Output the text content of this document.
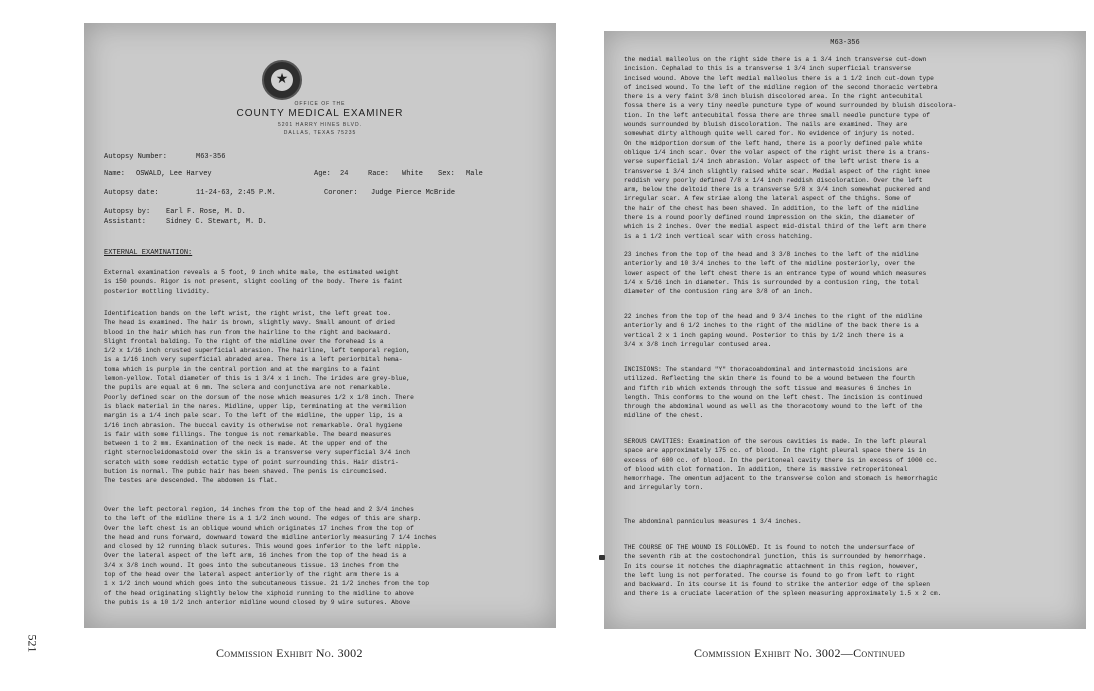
★
OFFICE OF THE
COUNTY MEDICAL EXAMINER
5201 HARRY HINES BLVD.
DALLAS, TEXAS 75235
Autopsy Number:	M63-356
Name: OSWALD, Lee Harvey	Age: 24	Race: White Sex: Male
Autopsy date:	11-24-63, 2:45 P.M.	Coroner: Judge Pierce McBride
Autopsy by: Earl F. Rose, M. D.
Assistant:	Sidney C. Stewart, M. D.
EXTERNAL EXAMINATION:
External examination reveals a 5 foot, 9 inch white male, the estimated weight
is 150 pounds. Rigor is not present, slight cooling of the body. There is faint
posterior mottling lividity.
Identification bands on the left wrist, the right wrist, the left great toe.
The head is examined. The hair is brown, slightly wavy. Small amount of dried
blood in the hair which has run from the hairline to the right and backward.
Slight frontal balding. To the right of the midline over the forehead is a
1/2 x 1/16 inch crusted superficial abrasion. The hairline, left temporal region,
is a 1/16 inch very superficial abraded area. There is a left periorbital hema-
toma which is purple in the central portion and at the margins to a faint
lemon-yellow. Total diameter of this is 1 3/4 x 1 inch. The irides are grey-blue,
the pupils are equal at 6 mm. The sclera and conjunctiva are not remarkable.
Poorly defined scar on the dorsum of the nose which measures 1/2 x 1/8 inch. There
is black material in the nares. Midline, upper lip, terminating at the vermilion
margin is a 1/4 inch pale scar. To the left of the midline, the upper lip, is a
1/16 inch abrasion. The buccal cavity is otherwise not remarkable. Oral hygiene
is fair with some fillings. The tongue is not remarkable. The beard measures
between 1 to 2 mm. Examination of the neck is made. At the upper end of the
right sternocleidomastoid over the skin is a transverse very superficial 3/4 inch
scratch with some reddish ectatic type of point surrounding this. Hair distri-
bution is normal. The pubic hair has been shaved. The penis is circumcised.
The testes are descended. The abdomen is flat.
Over the left pectoral region, 14 inches from the top of the head and 2 3/4 inches
to the left of the midline there is a 1 1/2 inch wound. The edges of this are sharp.
Over the left chest is an oblique wound which originates 17 inches from the top of
the head and runs forward, downward toward the midline anteriorly measuring 7 1/4 inches
and closed by 12 running black sutures. This wound goes inferior to the left nipple.
Over the lateral aspect of the left arm, 16 inches from the top of the head is a
3/4 x 3/8 inch wound. It goes into the subcutaneous tissue. 13 inches from the
top of the head over the lateral aspect anteriorly of the right arm there is a
1 x 1/2 inch wound which goes into the subcutaneous tissue. 21 1/2 inches from the top
of the head originating slightly below the xiphoid running to the midline to above
the pubis is a 10 1/2 inch anterior midline wound closed by 9 wire sutures. Above
M63-356
the medial malleolus on the right side there is a 1 3/4 inch transverse cut-down
incision. Cephalad to this is a transverse 1 3/4 inch superficial transverse
incised wound. Above the left medial malleolus there is a 1 1/2 inch cut-down type
of incised wound. To the left of the midline region of the second thoracic vertebra
there is a very faint 3/8 inch bluish discolored area. In the right antecubital
fossa there is a very tiny needle puncture type of wound surrounded by bluish discolora-
tion. In the left antecubital fossa there are three small needle puncture type of
wounds surrounded by bluish discoloration. The nails are examined. They are
somewhat dirty although quite well cared for. No evidence of injury is noted.
On the midportion dorsum of the left hand, there is a poorly defined pale white
oblique 1/4 inch scar. Over the volar aspect of the right wrist there is a trans-
verse superficial 1/4 inch abrasion. Volar aspect of the left wrist there is a
transverse 1 3/4 inch slightly raised white scar. Medial aspect of the right knee
reddish very poorly defined 7/8 x 1/4 inch reddish discoloration. Over the left
arm, below the deltoid there is a transverse 5/8 x 3/4 inch somewhat puckered and
irregular scar. A few striae along the lateral aspect of the thighs. Some of
the hair of the chest has been shaved. In addition, to the left of the midline
there is a round poorly defined round impression on the skin, the diameter of
which is 2 inches. Over the medial aspect mid-distal third of the left arm there
is a 1 1/2 inch vertical scar with cross hatching.
23 inches from the top of the head and 3 3/8 inches to the left of the midline
anteriorly and 10 3/4 inches to the left of the midline posteriorly, over the
lower aspect of the left chest there is an entrance type of wound which measures
1/4 x 5/16 inch in diameter. This is surrounded by a contusion ring, the total
diameter of the contusion ring are 3/8 of an inch.
22 inches from the top of the head and 9 3/4 inches to the right of the midline
anteriorly and 6 1/2 inches to the right of the midline of the back there is a
vertical 2 x 1 inch gaping wound. Posterior to this by 1/2 inch there is a
3/4 x 3/8 inch irregular contused area.
INCISIONS: The standard "Y" thoracoabdominal and intermastoid incisions are
utilized. Reflecting the skin there is found to be a wound between the fourth
and fifth rib which extends through the soft tissue and measures 6 inches in
length. This conforms to the wound on the left chest. The incision is continued
through the abdominal wound as well as the thoracotomy wound to the left of the
midline of the chest.
SEROUS CAVITIES: Examination of the serous cavities is made. In the left pleural
space are approximately 175 cc. of blood. In the right pleural space there is in
excess of 600 cc. of blood. In the peritoneal cavity there is in excess of 1000 cc.
of blood with clot formation. In addition, there is massive retroperitoneal
hemorrhage. The omentum adjacent to the transverse colon and stomach is hemorrhagic
and irregularly torn.
The abdominal panniculus measures 1 3/4 inches.
THE COURSE OF THE WOUND IS FOLLOWED. It is found to notch the undersurface of
the seventh rib at the costochondral junction, this is surrounded by hemorrhage.
In its course it notches the diaphragmatic attachment in this region, however,
the left lung is not perforated. The course is found to go from left to right
and backward. In its course it is found to strike the anterior edge of the spleen
and there is a cruciate laceration of the spleen measuring approximately 1.5 x 2 cm.
Commission Exhibit No. 3002	Commission Exhibit No. 3002—Continued
521
